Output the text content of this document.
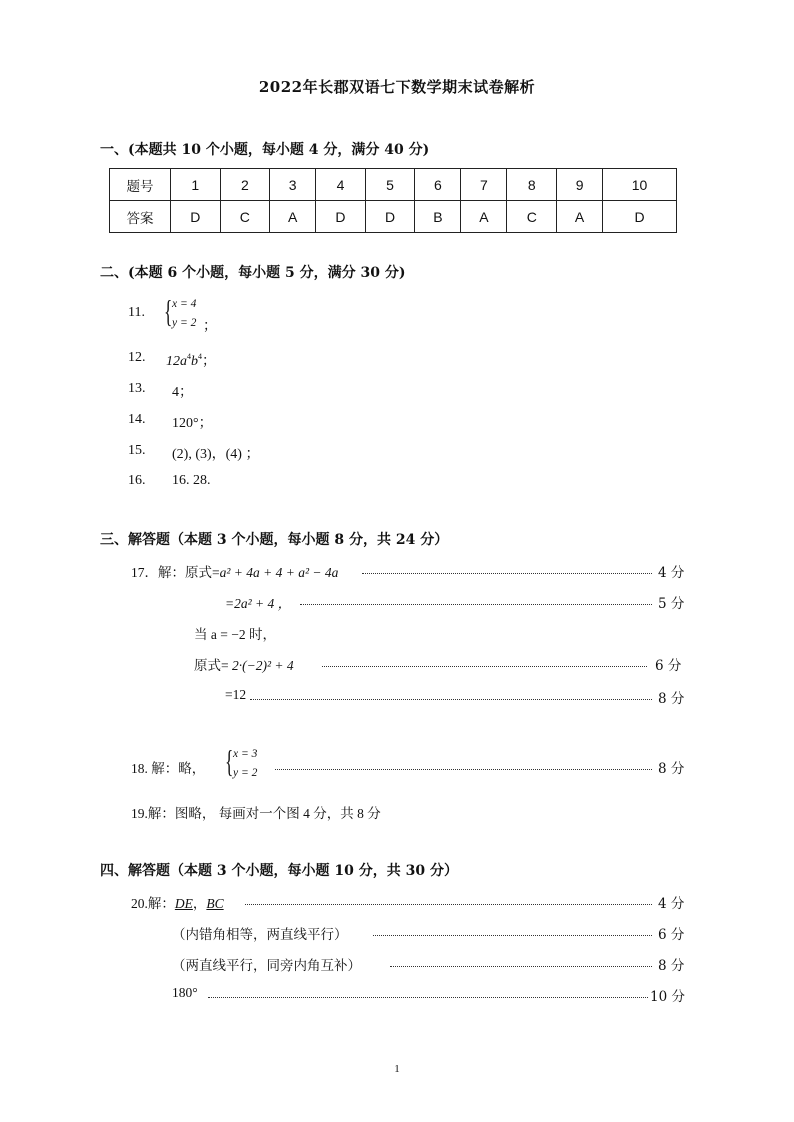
2022年长郡双语七下数学期末试卷解析
一、(本题共 10 个小题，每小题 4 分，满分 40 分)
题号	1	2	3	4	5	6	7	8	9	10
答案	D	C	A	D	D	B	A	C	A	D
二、(本题 6 个小题，每小题 5 分，满分 30 分)
11. { x = 4
y = 2 ；
12. $12a^4b^4$；
13. 4；
14. 120°；
15. (2), (3)，(4) ；
16. 16. 28.
三、解答题（本题 3 个小题，每小题 8 分，共 24 分）
17．解：原式=a² + 4a + 4 + a² − 4a	4 分
=2a² + 4 ，	5 分
当 a = −2 时，
原式= 2·(−2)² + 4	6 分
=12	8 分
18. 解：略， { x = 3
y = 2	8 分
19.解：图略， 每画对一个图 4 分，共 8 分
四、解答题（本题 3 个小题，每小题 10 分，共 30 分）
20.解：DE，BC	4 分
（内错角相等，两直线平行）	6 分
（两直线平行，同旁内角互补）	8 分
180°	10 分
1
